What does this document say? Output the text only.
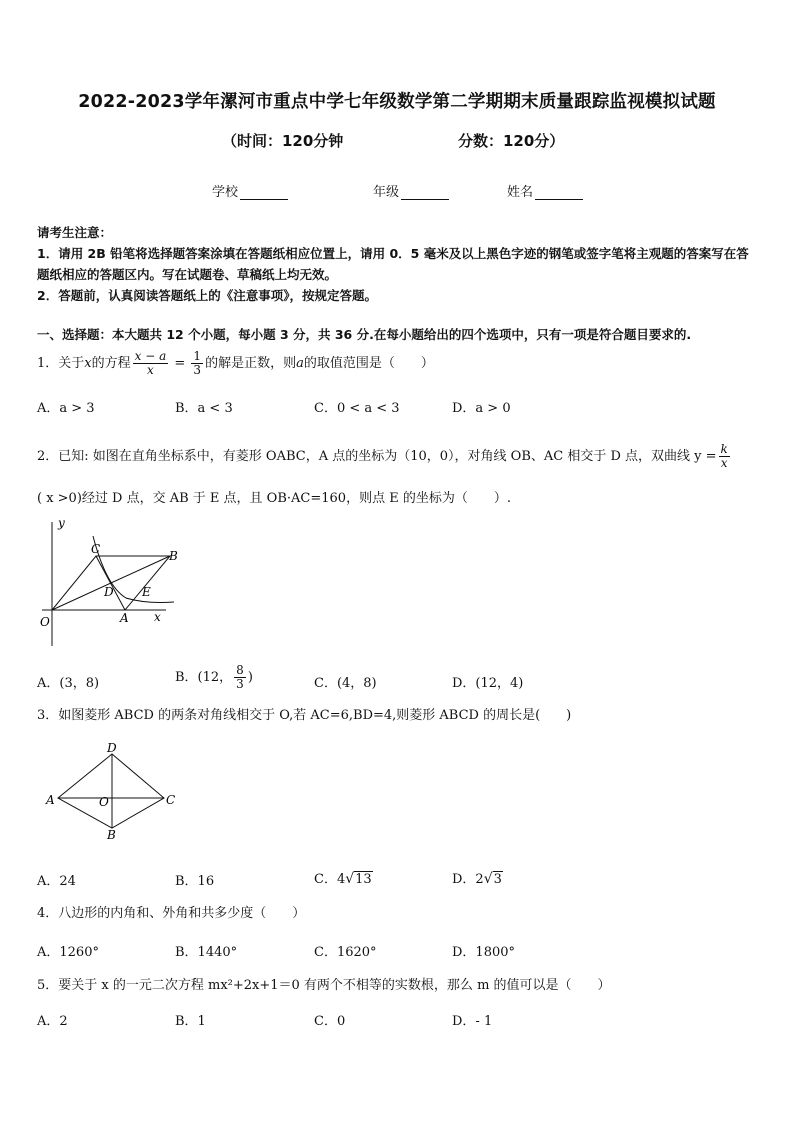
2022-2023学年漯河市重点中学七年级数学第二学期期末质量跟踪监视模拟试题
（时间：120分钟	分数：120分）
学校	年级	姓名
请考生注意：
1．请用 2B 铅笔将选择题答案涂填在答题纸相应位置上，请用 0．5 毫米及以上黑色字迹的钢笔或签字笔将主观题的答案写在答题纸相应的答题区内。写在试题卷、草稿纸上均无效。
2．答题前，认真阅读答题纸上的《注意事项》，按规定答题。
一、选择题：本大题共 12 个小题，每小题 3 分，共 36 分.在每小题给出的四个选项中，只有一项是符合题目要求的.
1．关于x的方程 $\frac{x - a}{x} = \frac{1}{3}$ 的解是正数，则a的取值范围是（　　）
A．a > 3	B．a < 3	C．0 < a < 3	D．a > 0
2．已知: 如图在直角坐标系中，有菱形 OABC，A 点的坐标为（10，0），对角线 OB、AC 相交于 D 点，双曲线 $y = \frac{k}{x}$
( x >0)经过 D 点，交 AB 于 E 点，且 OB·AC=160，则点 E 的坐标为（　　）.
y
x
O
C	B
D E
A
A．(3，8)	B．(12， $\frac{8}{3}$ )	C．(4，8)	D．(12，4)
3．如图菱形 ABCD 的两条对角线相交于 O,若 AC=6,BD=4,则菱形 ABCD 的周长是(　　)
D
A	O	C
B
A．24	B．16	C．4√13	D．2√3
4．八边形的内角和、外角和共多少度（　　）
A．1260°	B．1440°	C．1620°	D．1800°
5．要关于 x 的一元二次方程 mx²+2x+1＝0 有两个不相等的实数根，那么 m 的值可以是（　　）
A．2	B．1	C．0	D．- 1
